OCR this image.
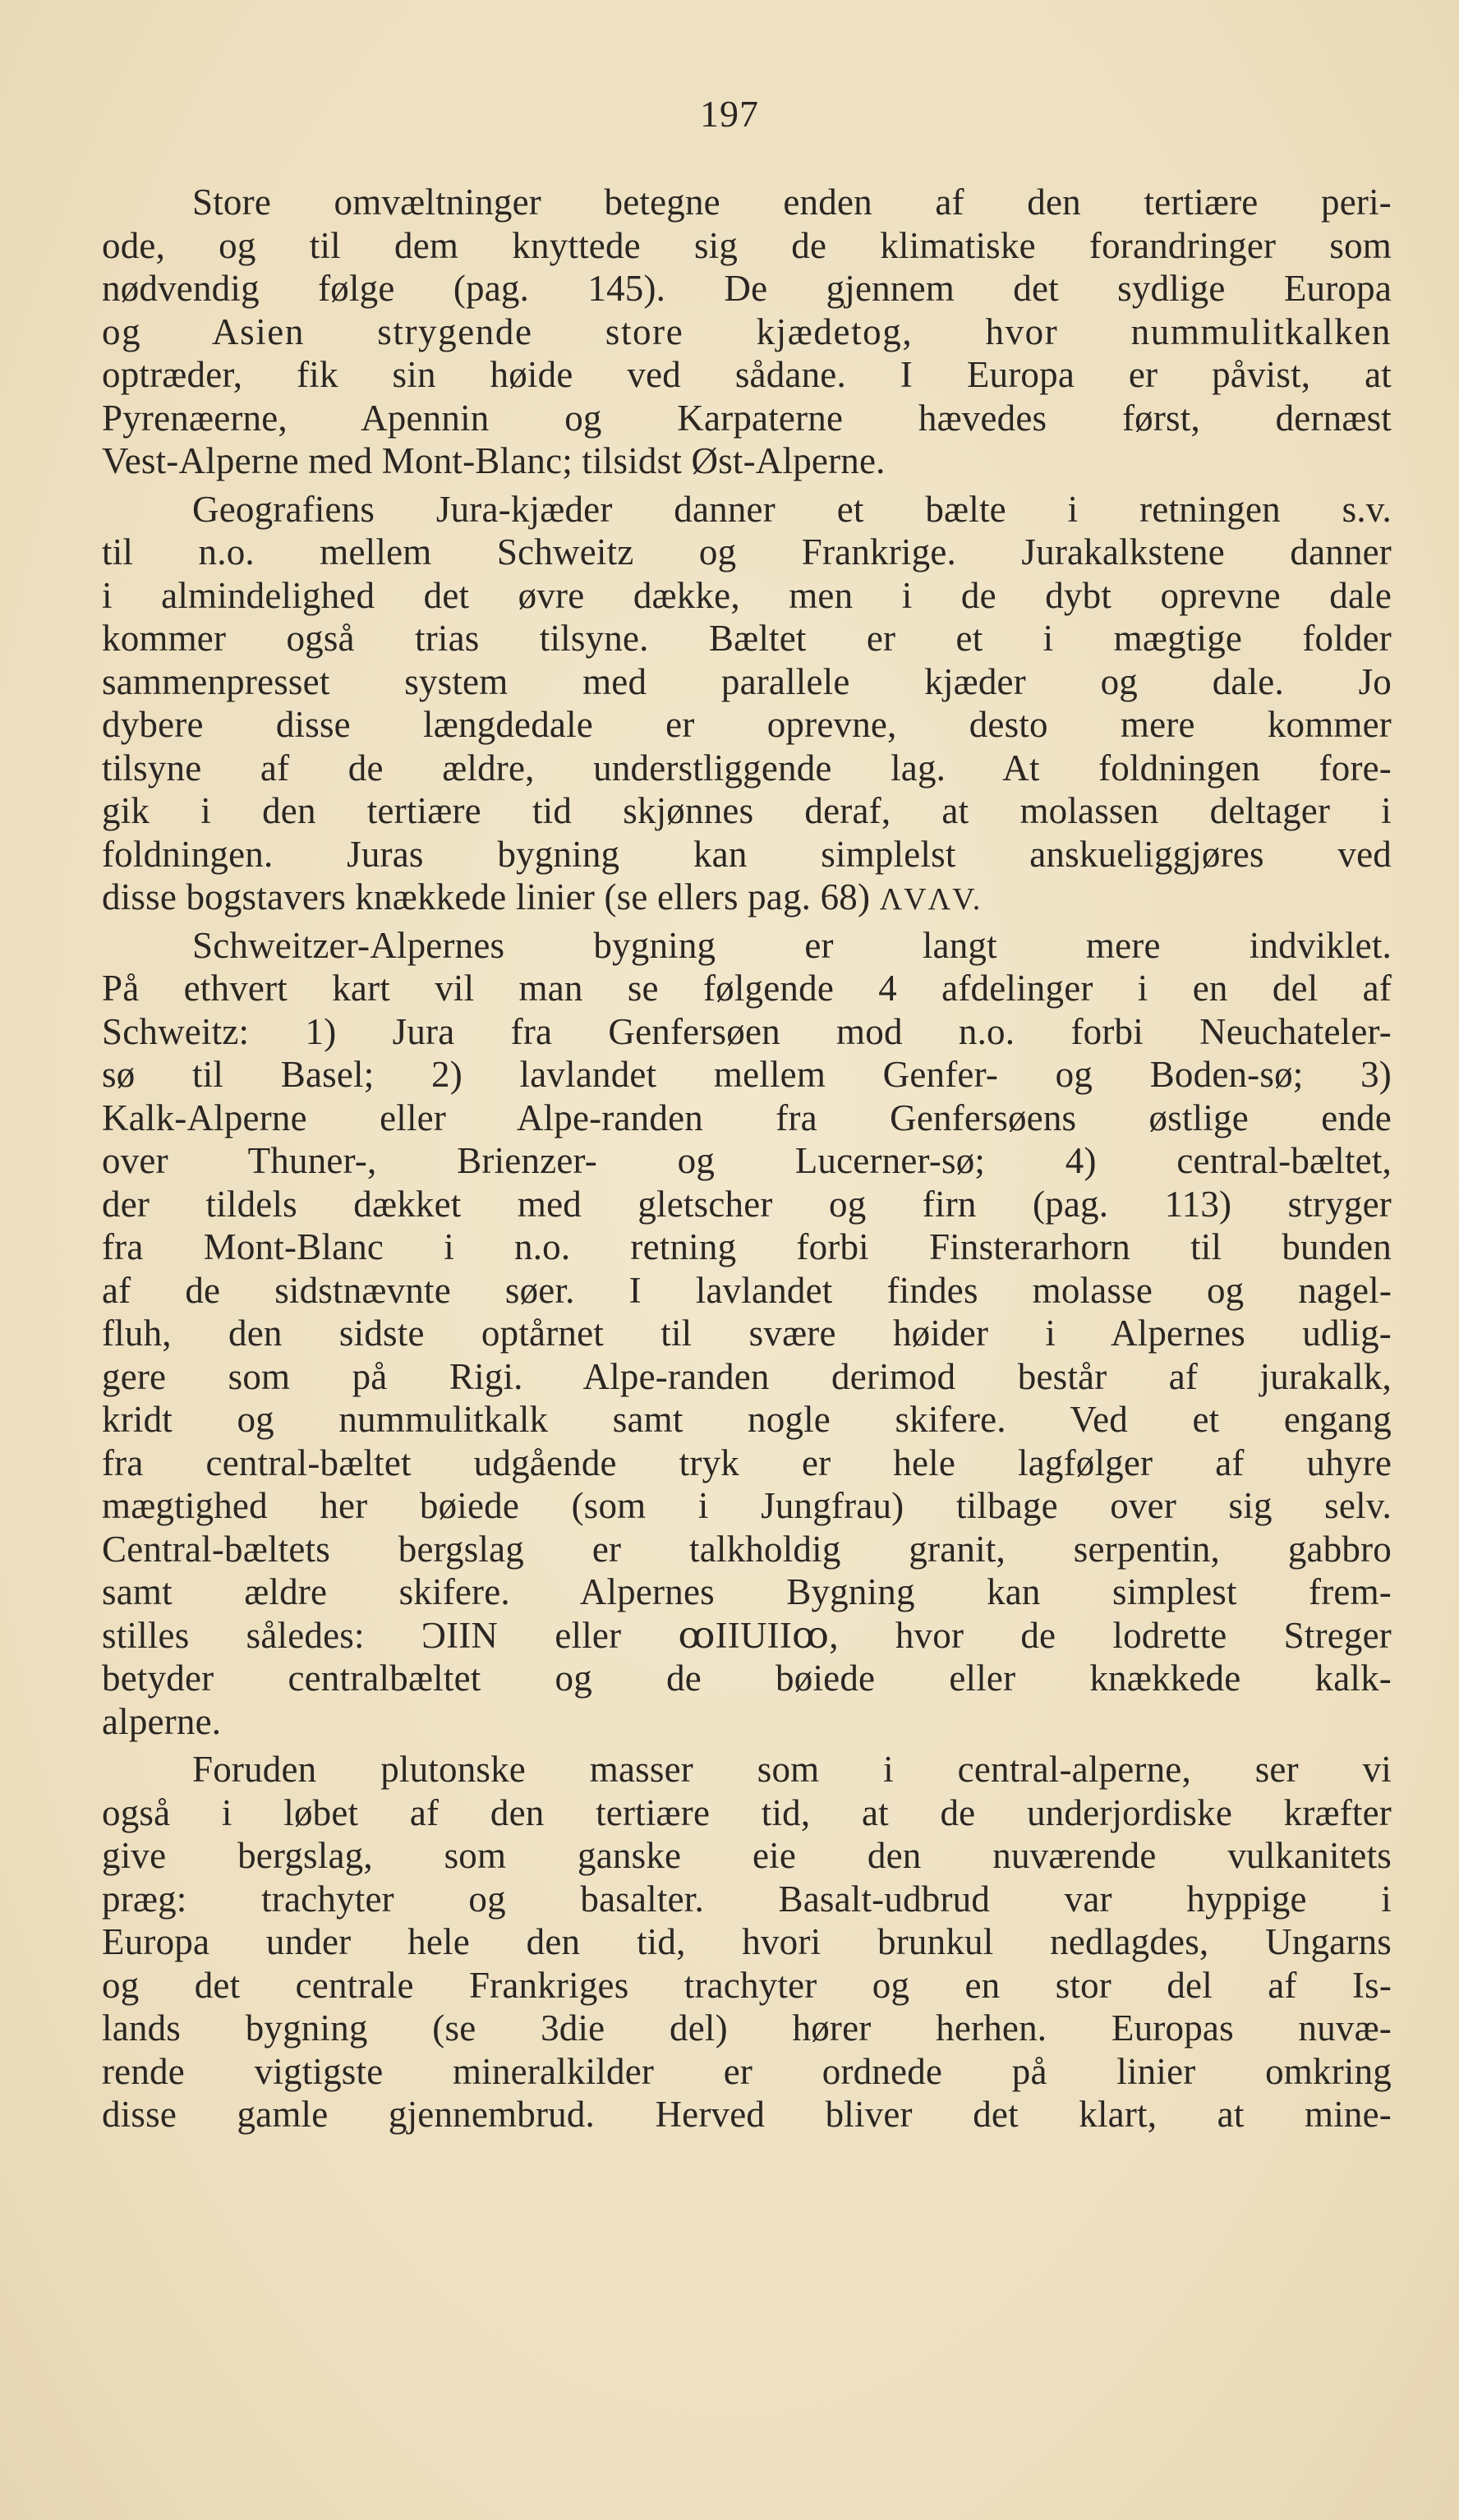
197
Store omvæltninger betegne enden af den tertiære peri-
ode, og til dem knyttede sig de klimatiske forandringer som
nødvendig følge (pag. 145). De gjennem det sydlige Europa
og Asien strygende store kjædetog, hvor nummulitkalken
optræder, fik sin høide ved sådane. I Europa er påvist, at
Pyrenæerne, Apennin og Karpaterne hævedes først, dernæst
Vest-Alperne med Mont-Blanc; tilsidst Øst-Alperne.
Geografiens Jura-kjæder danner et bælte i retningen s.v.
til n.o. mellem Schweitz og Frankrige. Jurakalkstene danner
i almindelighed det øvre dække, men i de dybt oprevne dale
kommer også trias tilsyne. Bæltet er et i mægtige folder
sammenpresset system med parallele kjæder og dale. Jo
dybere disse længdedale er oprevne, desto mere kommer
tilsyne af de ældre, understliggende lag. At foldningen fore-
gik i den tertiære tid skjønnes deraf, at molassen deltager i
foldningen. Juras bygning kan simplelst anskueliggjøres ved
disse bogstavers knækkede linier (se ellers pag. 68) ΛVΛV.
Schweitzer-Alpernes bygning er langt mere indviklet.
På ethvert kart vil man se følgende 4 afdelinger i en del af
Schweitz: 1) Jura fra Genfersøen mod n.o. forbi Neuchateler-
sø til Basel; 2) lavlandet mellem Genfer- og Boden-sø; 3)
Kalk-Alperne eller Alpe-randen fra Genfersøens østlige ende
over Thuner-, Brienzer- og Lucerner-sø; 4) central-bæltet,
der tildels dækket med gletscher og firn (pag. 113) stryger
fra Mont-Blanc i n.o. retning forbi Finsterarhorn til bunden
af de sidstnævnte søer. I lavlandet findes molasse og nagel-
fluh, den sidste optårnet til svære høider i Alpernes udlig-
gere som på Rigi. Alpe-randen derimod består af jurakalk,
kridt og nummulitkalk samt nogle skifere. Ved et engang
fra central-bæltet udgående tryk er hele lagfølger af uhyre
mægtighed her bøiede (som i Jungfrau) tilbage over sig selv.
Central-bæltets bergslag er talkholdig granit, serpentin, gabbro
samt ældre skifere. Alpernes Bygning kan simplest frem-
stilles således: ƆIIN eller ꝏIIUIIꝏ, hvor de lodrette Streger
betyder centralbæltet og de bøiede eller knækkede kalk-
alperne.
Foruden plutonske masser som i central-alperne, ser vi
også i løbet af den tertiære tid, at de underjordiske kræfter
give bergslag, som ganske eie den nuværende vulkanitets
præg: trachyter og basalter. Basalt-udbrud var hyppige i
Europa under hele den tid, hvori brunkul nedlagdes, Ungarns
og det centrale Frankriges trachyter og en stor del af Is-
lands bygning (se 3die del) hører herhen. Europas nuvæ-
rende vigtigste mineralkilder er ordnede på linier omkring
disse gamle gjennembrud. Herved bliver det klart, at mine-
